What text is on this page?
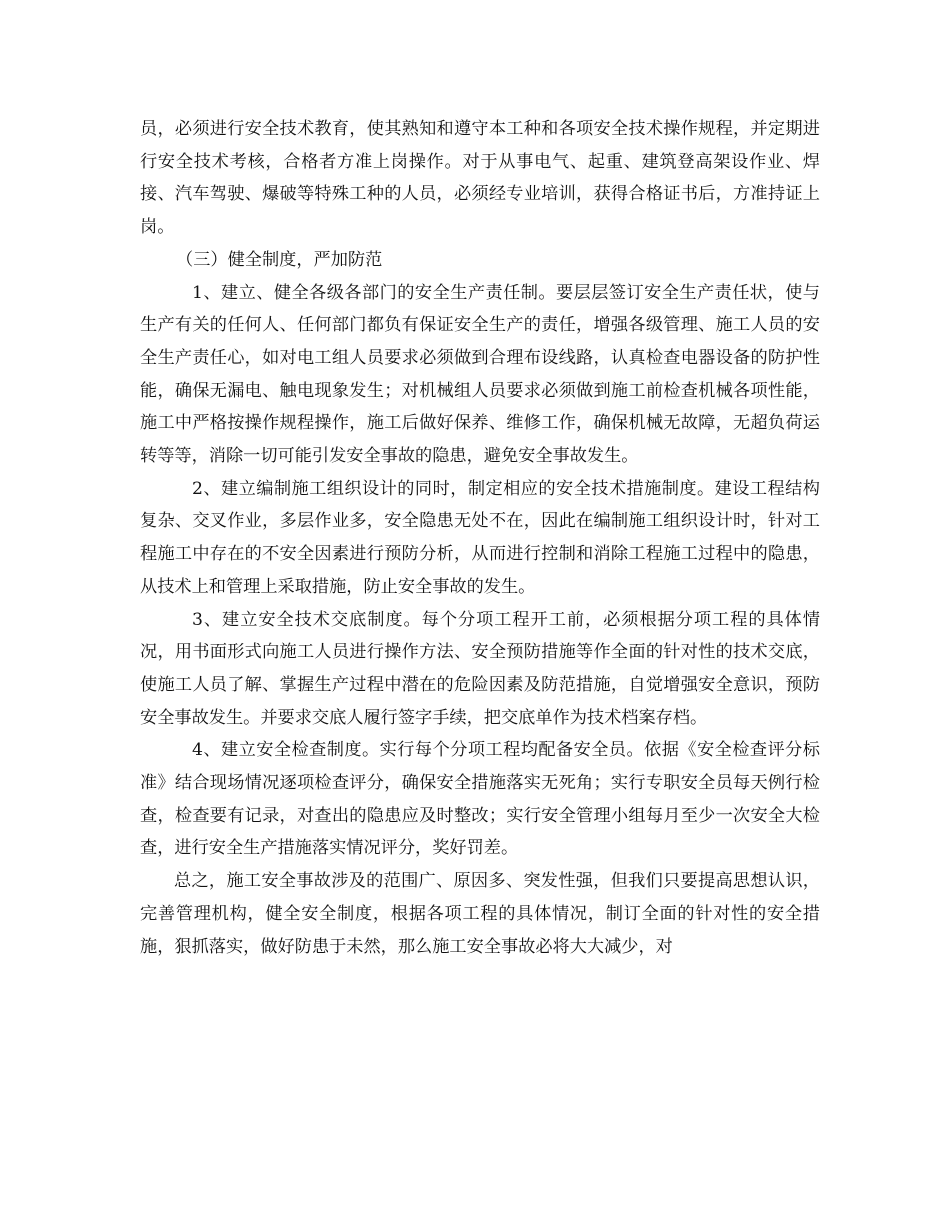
员，必须进行安全技术教育，使其熟知和遵守本工种和各项安全技术操作规程，并定期进行安全技术考核，合格者方准上岗操作。对于从事电气、起重、建筑登高架设作业、焊接、汽车驾驶、爆破等特殊工种的人员，必须经专业培训，获得合格证书后，方准持证上岗。

（三）健全制度，严加防范

1、建立、健全各级各部门的安全生产责任制。要层层签订安全生产责任状，使与生产有关的任何人、任何部门都负有保证安全生产的责任，增强各级管理、施工人员的安全生产责任心，如对电工组人员要求必须做到合理布设线路，认真检查电器设备的防护性能，确保无漏电、触电现象发生；对机械组人员要求必须做到施工前检查机械各项性能，施工中严格按操作规程操作，施工后做好保养、维修工作，确保机械无故障，无超负荷运转等等，消除一切可能引发安全事故的隐患，避免安全事故发生。

2、建立编制施工组织设计的同时，制定相应的安全技术措施制度。建设工程结构复杂、交叉作业，多层作业多，安全隐患无处不在，因此在编制施工组织设计时，针对工程施工中存在的不安全因素进行预防分析，从而进行控制和消除工程施工过程中的隐患，从技术上和管理上采取措施，防止安全事故的发生。

3、建立安全技术交底制度。每个分项工程开工前，必须根据分项工程的具体情况，用书面形式向施工人员进行操作方法、安全预防措施等作全面的针对性的技术交底，使施工人员了解、掌握生产过程中潜在的危险因素及防范措施，自觉增强安全意识，预防安全事故发生。并要求交底人履行签字手续，把交底单作为技术档案存档。

4、建立安全检查制度。实行每个分项工程均配备安全员。依据《安全检查评分标准》结合现场情况逐项检查评分，确保安全措施落实无死角；实行专职安全员每天例行检查，检查要有记录，对查出的隐患应及时整改；实行安全管理小组每月至少一次安全大检查，进行安全生产措施落实情况评分，奖好罚差。

总之，施工安全事故涉及的范围广、原因多、突发性强，但我们只要提高思想认识，完善管理机构，健全安全制度，根据各项工程的具体情况，制订全面的针对性的安全措施，狠抓落实，做好防患于未然，那么施工安全事故必将大大减少，对
